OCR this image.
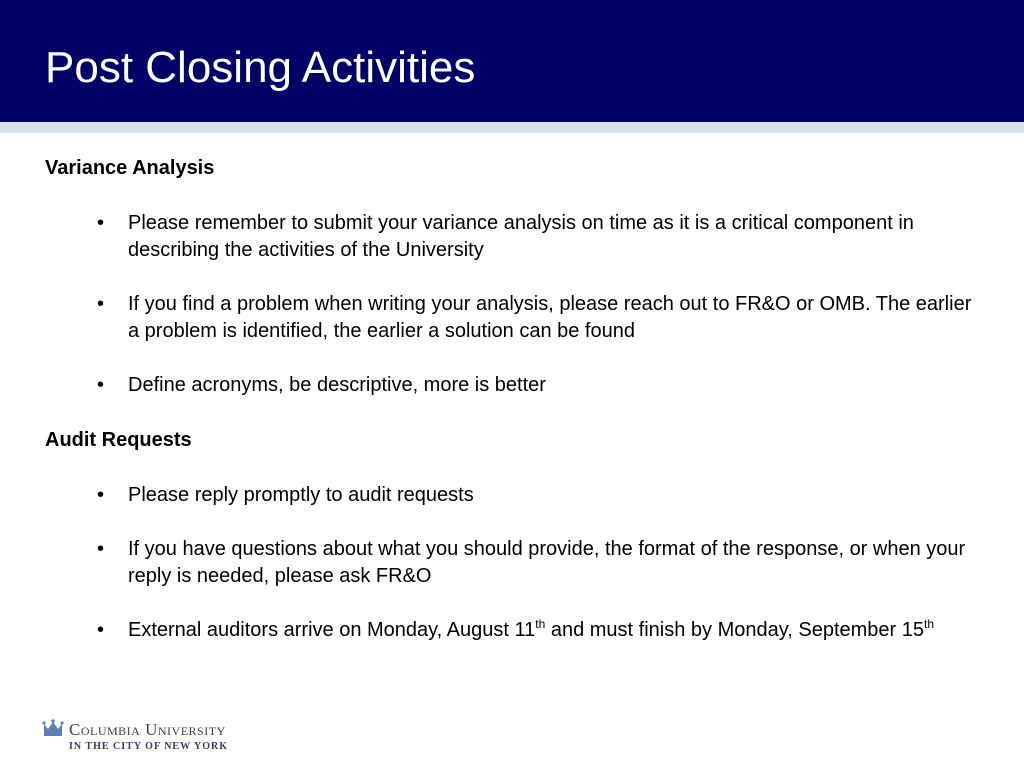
Post Closing Activities

Variance Analysis

• Please remember to submit your variance analysis on time as it is a critical component in describing the activities of the University
• If you find a problem when writing your analysis, please reach out to FR&O or OMB. The earlier a problem is identified, the earlier a solution can be found
• Define acronyms, be descriptive, more is better

Audit Requests

• Please reply promptly to audit requests
• If you have questions about what you should provide, the format of the response, or when your reply is needed, please ask FR&O
• External auditors arrive on Monday, August 11th and must finish by Monday, September 15th
Columbia University
IN THE CITY OF NEW YORK
